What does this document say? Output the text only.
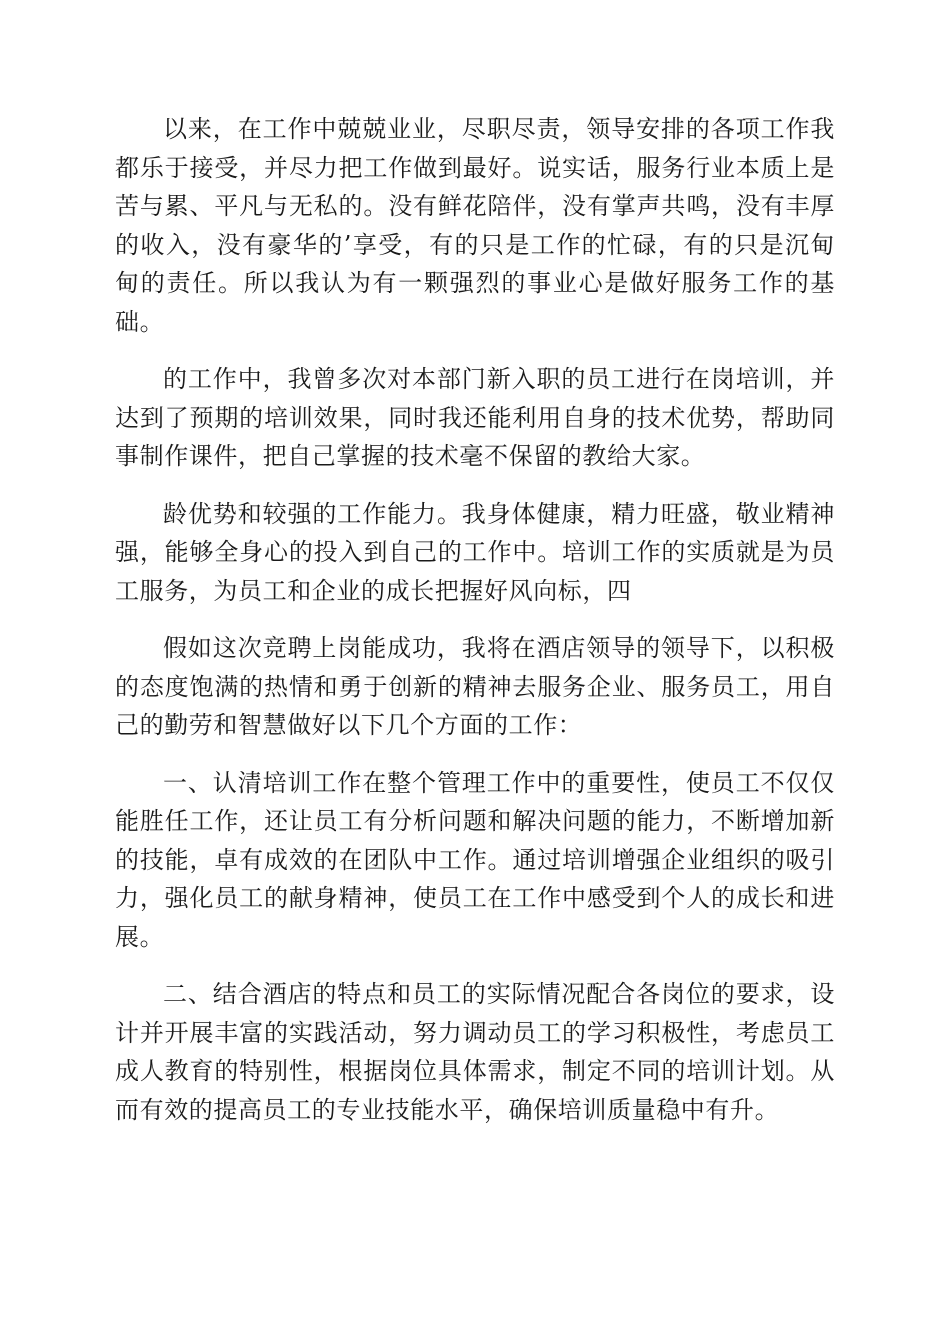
以来，在工作中兢兢业业，尽职尽责，领导安排的各项工作我都乐于接受，并尽力把工作做到最好。说实话，服务行业本质上是苦与累、平凡与无私的。没有鲜花陪伴，没有掌声共鸣，没有丰厚的收入，没有豪华的’享受，有的只是工作的忙碌，有的只是沉甸甸的责任。所以我认为有一颗强烈的事业心是做好服务工作的基础。

的工作中，我曾多次对本部门新入职的员工进行在岗培训，并达到了预期的培训效果，同时我还能利用自身的技术优势，帮助同事制作课件，把自己掌握的技术毫不保留的教给大家。

龄优势和较强的工作能力。我身体健康，精力旺盛，敬业精神强，能够全身心的投入到自己的工作中。培训工作的实质就是为员工服务，为员工和企业的成长把握好风向标，四

假如这次竞聘上岗能成功，我将在酒店领导的领导下，以积极的态度饱满的热情和勇于创新的精神去服务企业、服务员工，用自己的勤劳和智慧做好以下几个方面的工作：

一、认清培训工作在整个管理工作中的重要性，使员工不仅仅能胜任工作，还让员工有分析问题和解决问题的能力，不断增加新的技能，卓有成效的在团队中工作。通过培训增强企业组织的吸引力，强化员工的献身精神，使员工在工作中感受到个人的成长和进展。

二、结合酒店的特点和员工的实际情况配合各岗位的要求，设计并开展丰富的实践活动，努力调动员工的学习积极性，考虑员工成人教育的特别性，根据岗位具体需求，制定不同的培训计划。从而有效的提高员工的专业技能水平，确保培训质量稳中有升。
